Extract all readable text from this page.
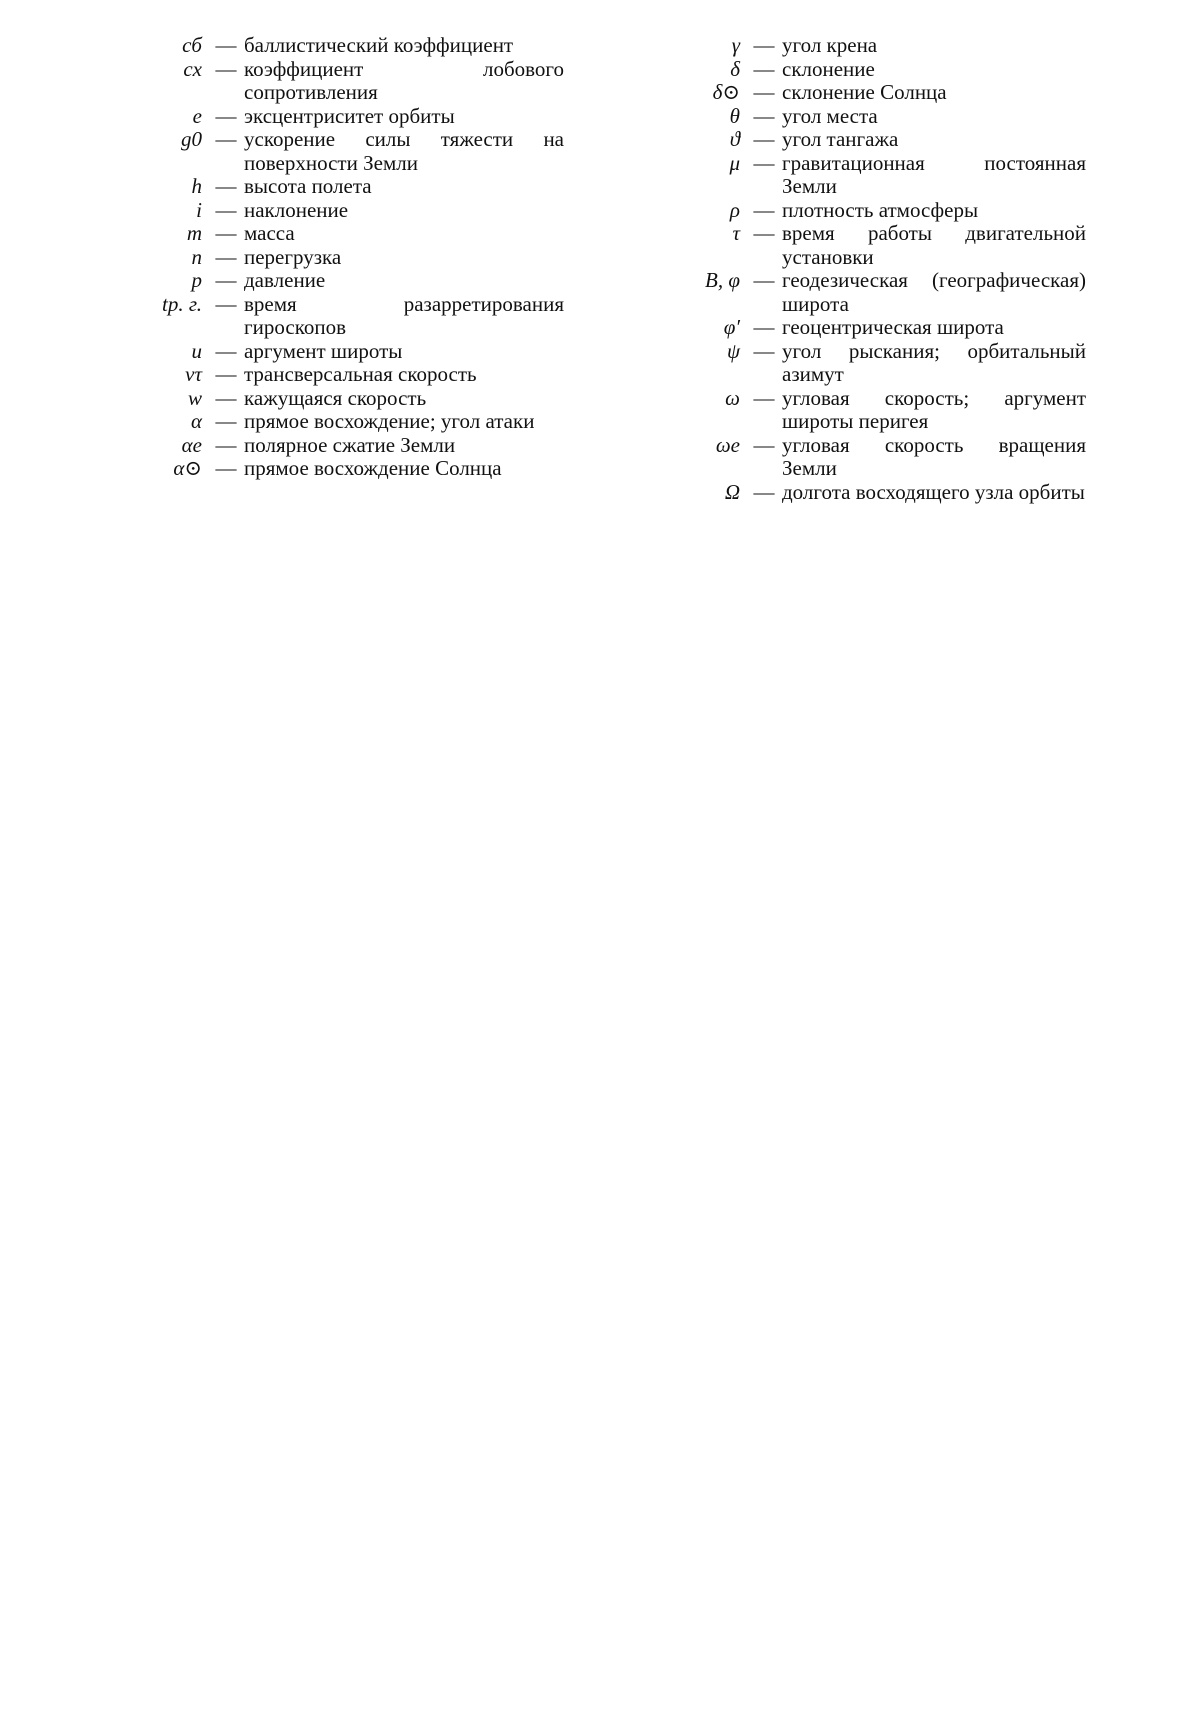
cб — баллистический коэффициент
cx — коэффициент лобового сопротивления
e — эксцентриситет орбиты
g0 — ускорение силы тяжести на поверхности Земли
h — высота полета
i — наклонение
m — масса
n — перегрузка
p — давление
tр. г. — время разарретирования гироскопов
u — аргумент широты
vτ — трансверсальная скорость
w — кажущаяся скорость
α — прямое восхождение; угол атаки
αe — полярное сжатие Земли
α⊙ — прямое восхождение Солнца
γ — угол крена
δ — склонение
δ⊙ — склонение Солнца
θ — угол места
ϑ — угол тангажа
μ — гравитационная постоянная Земли
ρ — плотность атмосферы
τ — время работы двигательной установки
B, φ — геодезическая (географическая) широта
φ′ — геоцентрическая широта
ψ — угол рыскания; орбитальный азимут
ω — угловая скорость; аргумент широты перигея
ωe — угловая скорость вращения Земли
Ω — долгота восходящего узла орбиты
